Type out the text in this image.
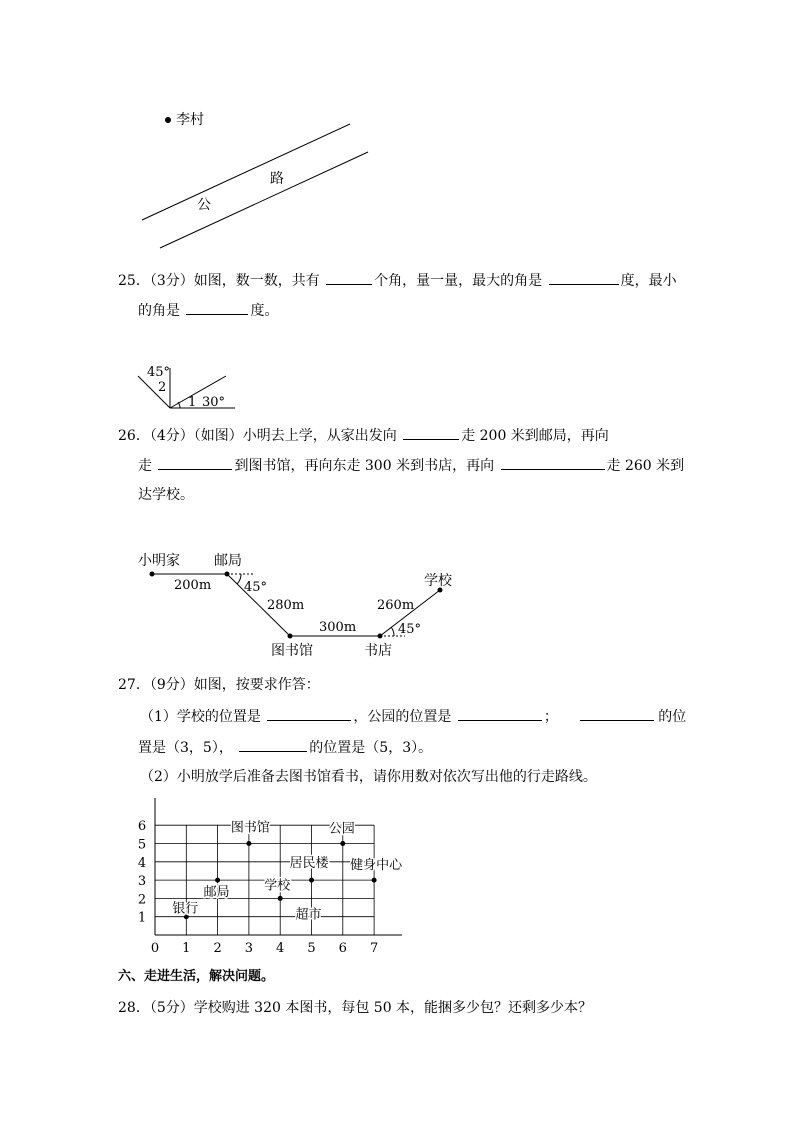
李村
路
公
25．（3分）如图，数一数，共有	个角，量一量，最大的角是	度，最小
的角是	度。
45°
2
1 30°
26．（4分）（如图）小明去上学，从家出发向	走 200 米到邮局，再向
走	到图书馆，再向东走 300 米到书店，再向	走 260 米到
达学校。
小明家 邮局
图书馆	书店
学校
200m
280m
300m
260m
45°
45°
27．（9分）如图，按要求作答：
（1）学校的位置是	，公园的位置是	；	的位
置是（3，5），	的位置是（5，3）。
（2）小明放学后准备去图书馆看书，请你用数对依次写出他的行走路线。
0 1 2 3 4 5 6 7
1
2
3
4
5
6
银行
邮局
图书馆
学校
超市
居民楼
公园
健身中心
六、走进生活，解决问题。
28．（5分）学校购进 320 本图书，每包 50 本，能捆多少包？还剩多少本？
